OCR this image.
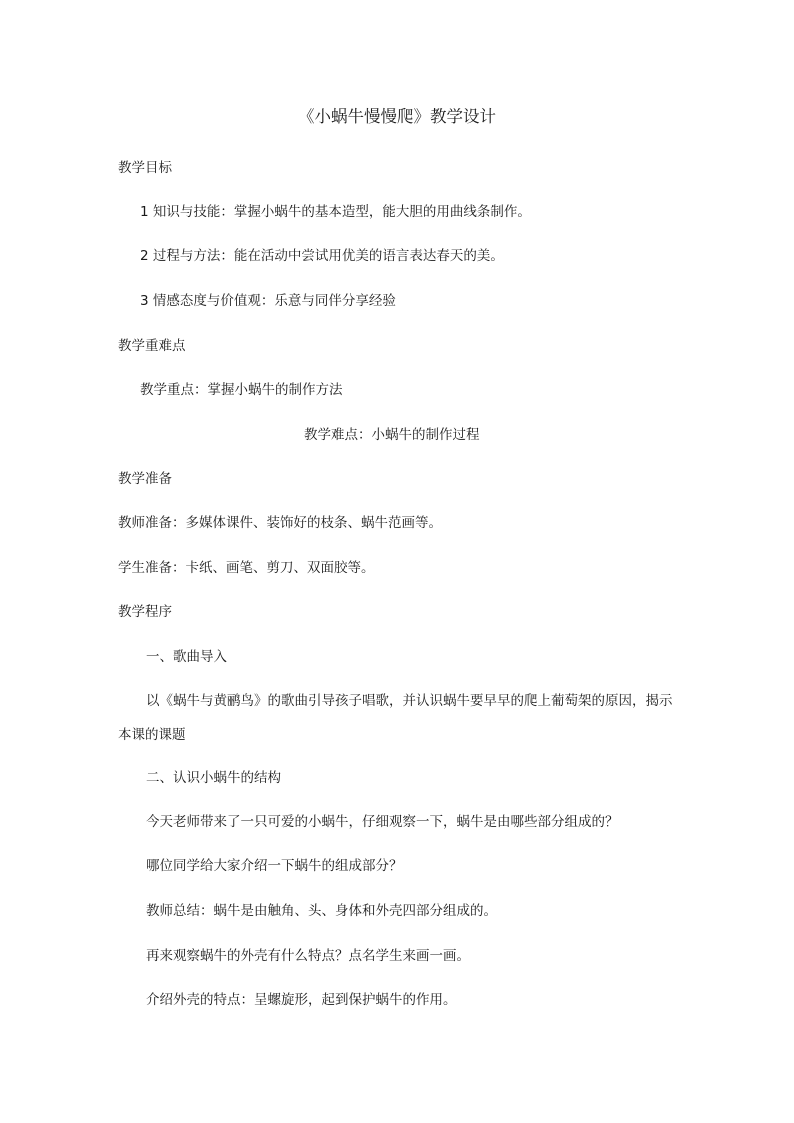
《小蜗牛慢慢爬》教学设计

教学目标

1 知识与技能：掌握小蜗牛的基本造型，能大胆的用曲线条制作。

2 过程与方法：能在活动中尝试用优美的语言表达春天的美。

3 情感态度与价值观：乐意与同伴分享经验

教学重难点

教学重点：掌握小蜗牛的制作方法

教学难点：小蜗牛的制作过程

教学准备

教师准备：多媒体课件、装饰好的枝条、蜗牛范画等。

学生准备：卡纸、画笔、剪刀、双面胶等。

教学程序

一、歌曲导入

以《蜗牛与黄鹂鸟》的歌曲引导孩子唱歌，并认识蜗牛要早早的爬上葡萄架的原因，揭示本课的课题

二、认识小蜗牛的结构

今天老师带来了一只可爱的小蜗牛，仔细观察一下，蜗牛是由哪些部分组成的？

哪位同学给大家介绍一下蜗牛的组成部分？

教师总结：蜗牛是由触角、头、身体和外壳四部分组成的。

再来观察蜗牛的外壳有什么特点？点名学生来画一画。

介绍外壳的特点：呈螺旋形，起到保护蜗牛的作用。
